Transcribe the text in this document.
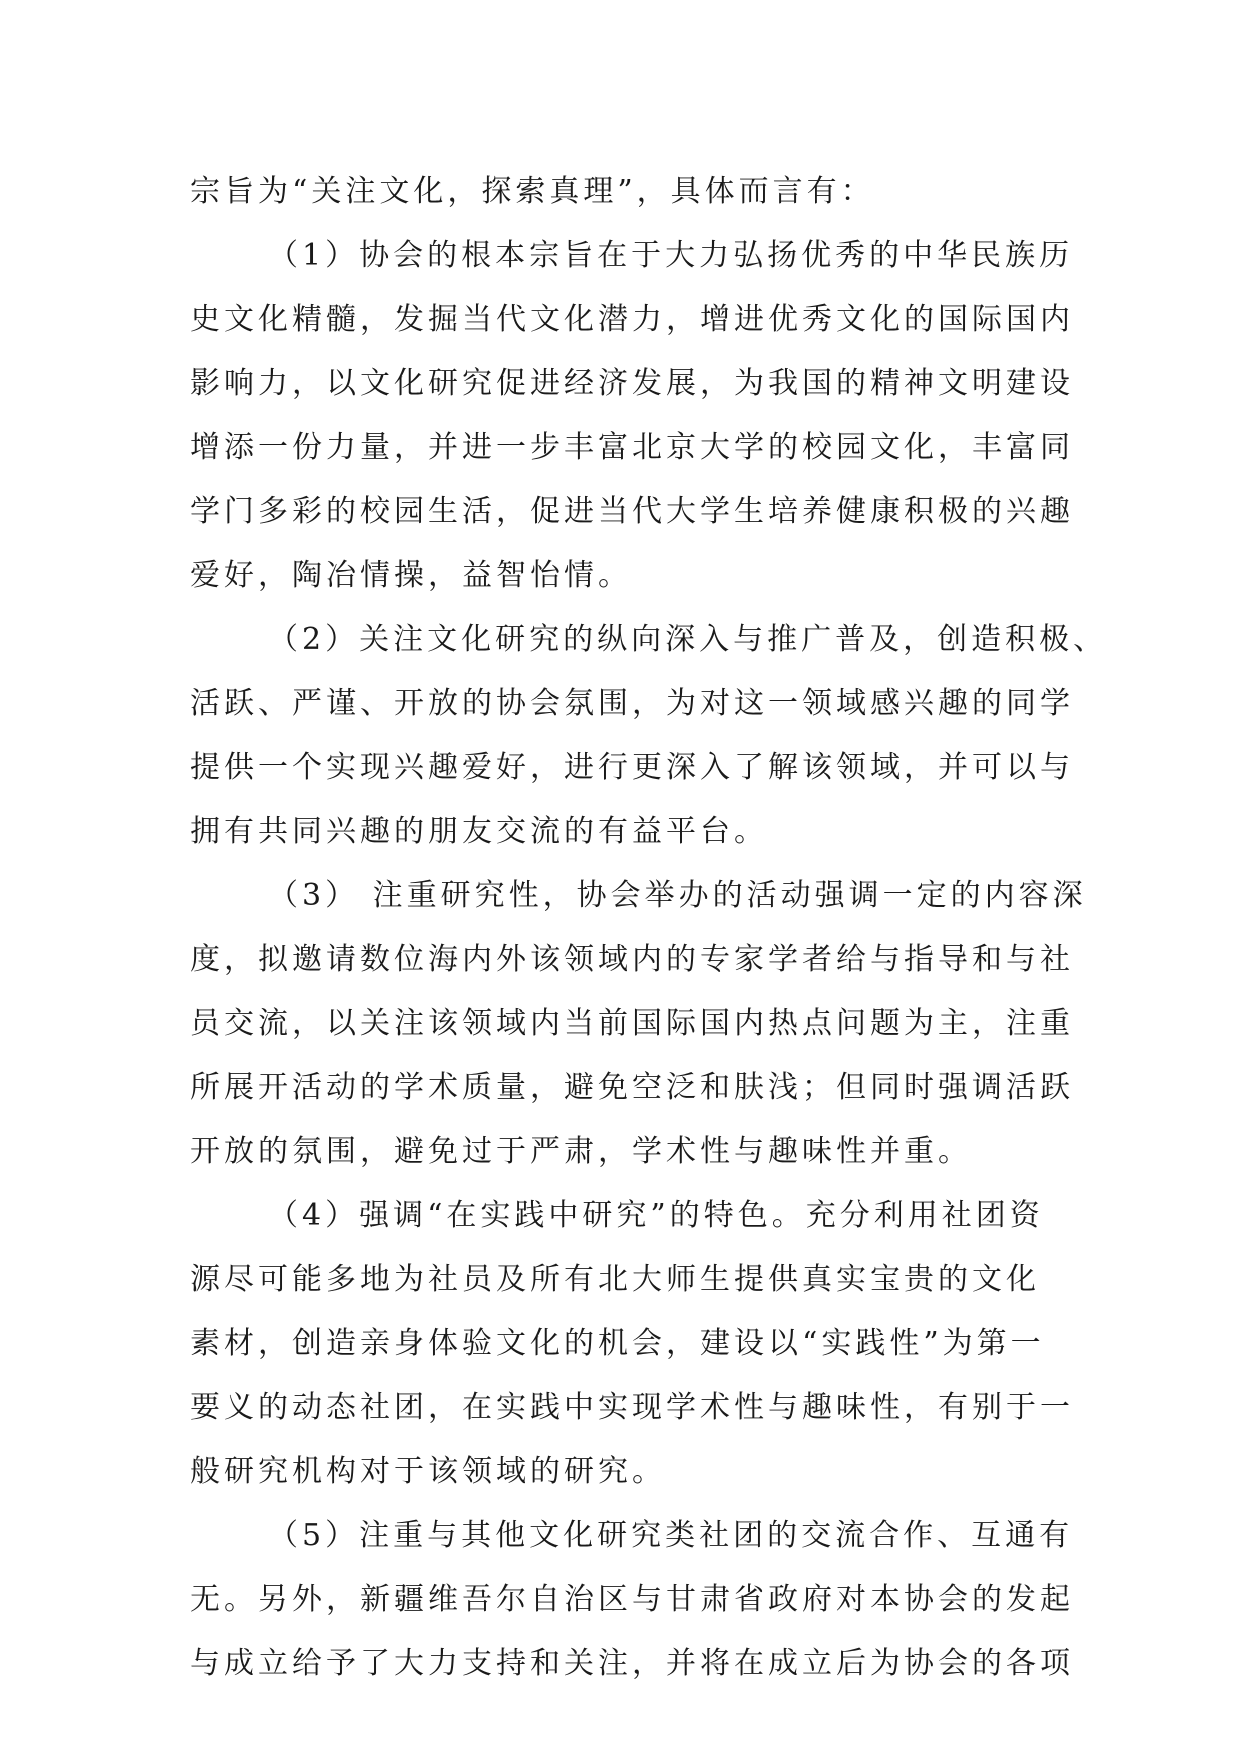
宗旨为“关注文化，探索真理”，具体而言有：
（1）协会的根本宗旨在于大力弘扬优秀的中华民族历
史文化精髓，发掘当代文化潜力，增进优秀文化的国际国内
影响力，以文化研究促进经济发展，为我国的精神文明建设
增添一份力量，并进一步丰富北京大学的校园文化，丰富同
学门多彩的校园生活，促进当代大学生培养健康积极的兴趣
爱好，陶冶情操，益智怡情。
（2）关注文化研究的纵向深入与推广普及，创造积极、
活跃、严谨、开放的协会氛围，为对这一领域感兴趣的同学
提供一个实现兴趣爱好，进行更深入了解该领域，并可以与
拥有共同兴趣的朋友交流的有益平台。
（3） 注重研究性，协会举办的活动强调一定的内容深
度，拟邀请数位海内外该领域内的专家学者给与指导和与社
员交流，以关注该领域内当前国际国内热点问题为主，注重
所展开活动的学术质量，避免空泛和肤浅；但同时强调活跃
开放的氛围，避免过于严肃，学术性与趣味性并重。
（4）强调“在实践中研究”的特色。充分利用社团资
源尽可能多地为社员及所有北大师生提供真实宝贵的文化
素材，创造亲身体验文化的机会，建设以“实践性”为第一
要义的动态社团，在实践中实现学术性与趣味性，有别于一
般研究机构对于该领域的研究。
（5）注重与其他文化研究类社团的交流合作、互通有
无。另外，新疆维吾尔自治区与甘肃省政府对本协会的发起
与成立给予了大力支持和关注，并将在成立后为协会的各项
